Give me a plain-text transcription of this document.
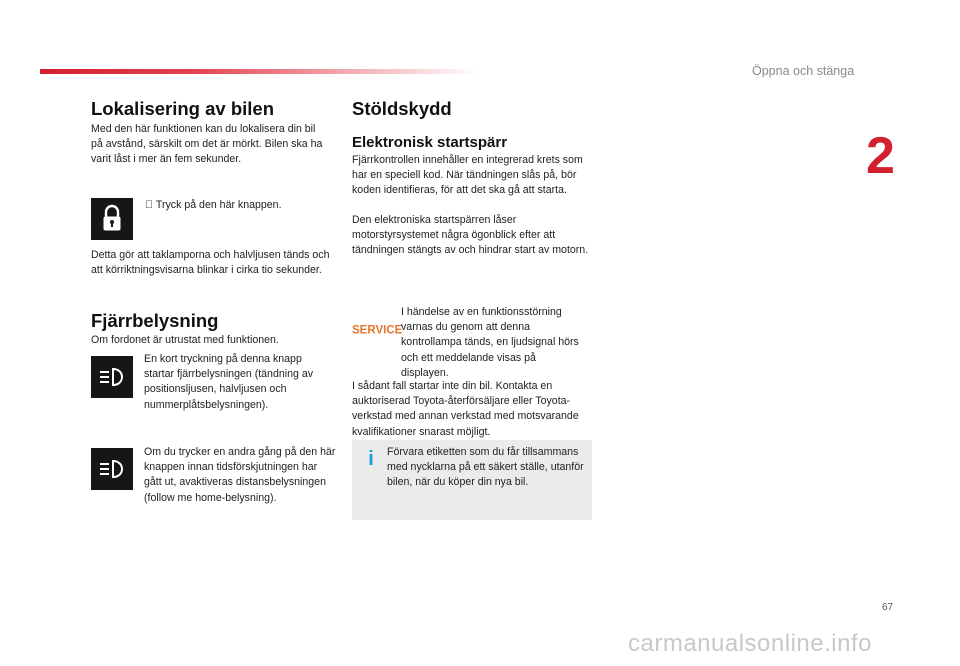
Öppna och stänga
2
Lokalisering av bilen

Med den här funktionen kan du lokalisera din bil på avstånd, särskilt om det är mörkt. Bilen ska ha varit låst i mer än fem sekunder.

Tryck på den här knappen.

Detta gör att taklamporna och halvljusen tänds och att körriktningsvisarna blinkar i cirka tio sekunder.

Fjärrbelysning

Om fordonet är utrustat med funktionen.

En kort tryckning på denna knapp startar fjärrbelysningen (tändning av positionsljusen, halvljusen och nummerplåtsbelysningen).

Om du trycker en andra gång på den här knappen innan tidsförskjutningen har gått ut, avaktiveras distansbelysningen (follow me home-belysning).

Stöldskydd
Elektronisk startspärr

Fjärrkontrollen innehåller en integrerad krets som har en speciell kod. När tändningen slås på, bör koden identifieras, för att det ska gå att starta.

Den elektroniska startspärren låser motorstyrsystemet några ögonblick efter att tändningen stängts av och hindrar start av motorn.

SERVICE

I händelse av en funktionsstörning varnas du genom att denna kontrollampa tänds, en ljudsignal hörs och ett meddelande visas på displayen.

I sådant fall startar inte din bil. Kontakta en auktoriserad Toyota-återförsäljare eller Toyota-verkstad med annan verkstad med motsvarande kvalifikationer snarast möjligt.

i Förvara etiketten som du får tillsammans med nycklarna på ett säkert ställe, utanför bilen, när du köper din nya bil.

67
carmanualsonline.info
